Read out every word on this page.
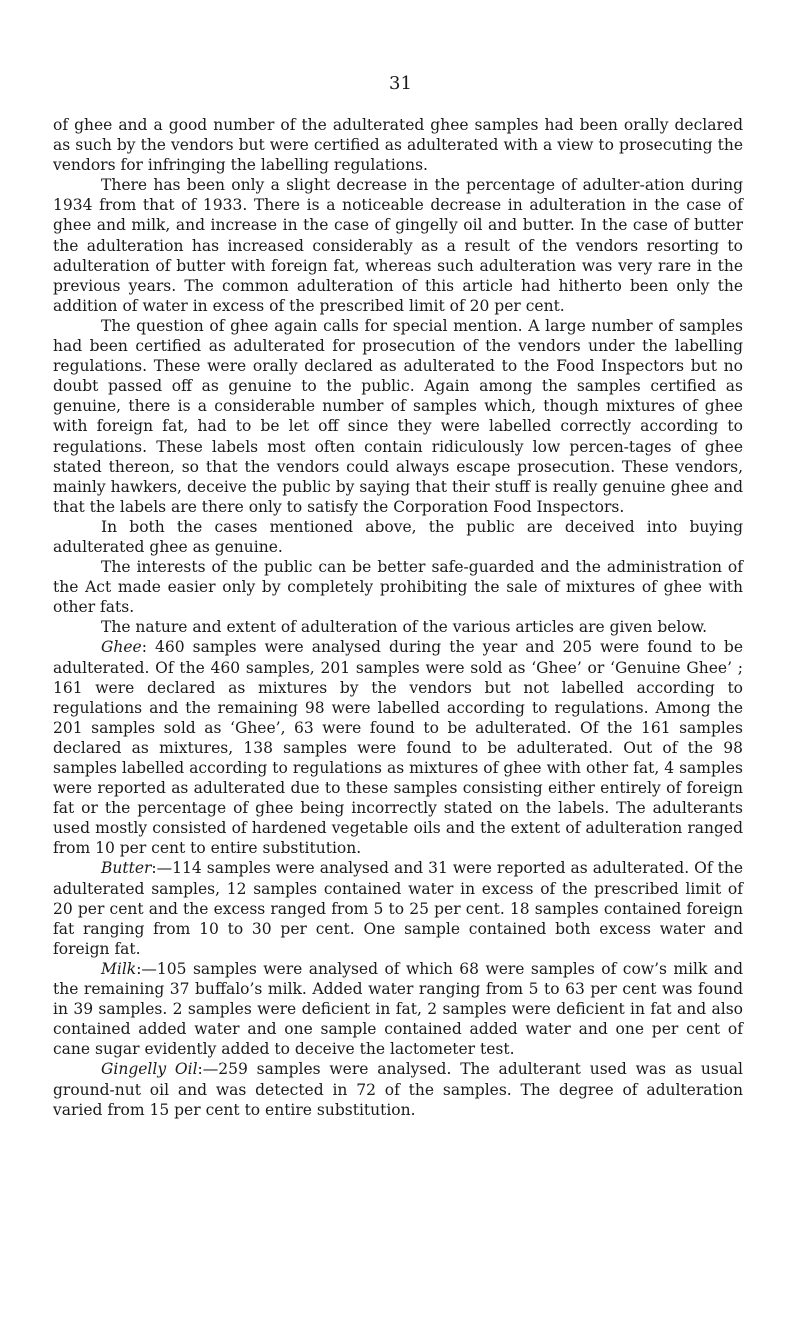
31

of ghee and a good number of the adulterated ghee samples had been orally declared as such by the vendors but were certified as adulterated with a view to prosecuting the vendors for infringing the labelling regulations.

There has been only a slight decrease in the percentage of adulter-ation during 1934 from that of 1933. There is a noticeable decrease in adulteration in the case of ghee and milk, and increase in the case of gingelly oil and butter. In the case of butter the adulteration has increased considerably as a result of the vendors resorting to adulteration of butter with foreign fat, whereas such adulteration was very rare in the previous years. The common adulteration of this article had hitherto been only the addition of water in excess of the prescribed limit of 20 per cent.

The question of ghee again calls for special mention. A large number of samples had been certified as adulterated for prosecution of the vendors under the labelling regulations. These were orally declared as adulterated to the Food Inspectors but no doubt passed off as genuine to the public. Again among the samples certified as genuine, there is a considerable number of samples which, though mixtures of ghee with foreign fat, had to be let off since they were labelled correctly according to regulations. These labels most often contain ridiculously low percen-tages of ghee stated thereon, so that the vendors could always escape prosecution. These vendors, mainly hawkers, deceive the public by saying that their stuff is really genuine ghee and that the labels are there only to satisfy the Corporation Food Inspectors.

In both the cases mentioned above, the public are deceived into buying adulterated ghee as genuine.

The interests of the public can be better safe-guarded and the administration of the Act made easier only by completely prohibiting the sale of mixtures of ghee with other fats.

The nature and extent of adulteration of the various articles are given below.

Ghee: 460 samples were analysed during the year and 205 were found to be adulterated. Of the 460 samples, 201 samples were sold as ‘Ghee’ or ‘Genuine Ghee’ ; 161 were declared as mixtures by the vendors but not labelled according to regulations and the remaining 98 were labelled according to regulations. Among the 201 samples sold as ‘Ghee’, 63 were found to be adulterated. Of the 161 samples declared as mixtures, 138 samples were found to be adulterated. Out of the 98 samples labelled according to regulations as mixtures of ghee with other fat, 4 samples were reported as adulterated due to these samples consisting either entirely of foreign fat or the percentage of ghee being incorrectly stated on the labels. The adulterants used mostly consisted of hardened vegetable oils and the extent of adulteration ranged from 10 per cent to entire substitution.

Butter:—114 samples were analysed and 31 were reported as adulterated. Of the adulterated samples, 12 samples contained water in excess of the prescribed limit of 20 per cent and the excess ranged from 5 to 25 per cent. 18 samples contained foreign fat ranging from 10 to 30 per cent. One sample contained both excess water and foreign fat.

Milk:—105 samples were analysed of which 68 were samples of cow’s milk and the remaining 37 buffalo’s milk. Added water ranging from 5 to 63 per cent was found in 39 samples. 2 samples were deficient in fat, 2 samples were deficient in fat and also contained added water and one sample contained added water and one per cent of cane sugar evidently added to deceive the lactometer test.

Gingelly Oil:—259 samples were analysed. The adulterant used was as usual ground-nut oil and was detected in 72 of the samples. The degree of adulteration varied from 15 per cent to entire substitution.
